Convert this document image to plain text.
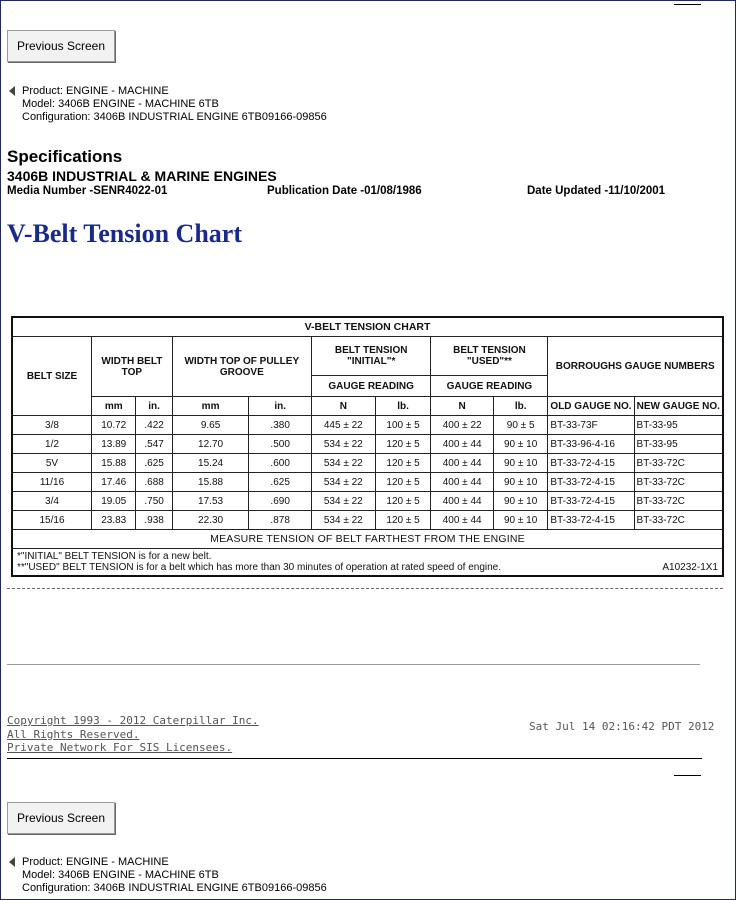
Previous Screen
Product: ENGINE - MACHINE
Model: 3406B ENGINE - MACHINE 6TB
Configuration: 3406B INDUSTRIAL ENGINE 6TB09166-09856
Specifications
3406B INDUSTRIAL & MARINE ENGINES
Media Number -SENR4022-01	Publication Date -01/08/1986	Date Updated -11/10/2001
V-Belt Tension Chart
V-BELT TENSION CHART										
BELT SIZE	WIDTH BELT TOP		WIDTH TOP OF PULLEY GROOVE		BELT TENSION "INITIAL"*		BELT TENSION "USED"**		BORROUGHS GAUGE NUMBERS	
					GAUGE READING		GAUGE READING			
	mm	in.	mm	in.	N	lb.	N	lb.	OLD GAUGE NO.	NEW GAUGE NO.
3/8	10.72	.422	9.65	.380	445 ± 22	100 ± 5	400 ± 22	90 ± 5	BT-33-73F	BT-33-95
1/2	13.89	.547	12.70	.500	534 ± 22	120 ± 5	400 ± 44	90 ± 10	BT-33-96-4-16	BT-33-95
5V	15.88	.625	15.24	.600	534 ± 22	120 ± 5	400 ± 44	90 ± 10	BT-33-72-4-15	BT-33-72C
11/16	17.46	.688	15.88	.625	534 ± 22	120 ± 5	400 ± 44	90 ± 10	BT-33-72-4-15	BT-33-72C
3/4	19.05	.750	17.53	.690	534 ± 22	120 ± 5	400 ± 44	90 ± 10	BT-33-72-4-15	BT-33-72C
15/16	23.83	.938	22.30	.878	534 ± 22	120 ± 5	400 ± 44	90 ± 10	BT-33-72-4-15	BT-33-72C
MEASURE TENSION OF BELT FARTHEST FROM THE ENGINE										

*"INITIAL" BELT TENSION is for a new belt.
**"USED" BELT TENSION is for a belt which has more than 30 minutes of operation at rated speed of engine. A10232-1X1										
Copyright 1993 - 2012 Caterpillar Inc.
All Rights Reserved.
Private Network For SIS Licensees.
Sat Jul 14 02:16:42 PDT 2012
Previous Screen
Product: ENGINE - MACHINE
Model: 3406B ENGINE - MACHINE 6TB
Configuration: 3406B INDUSTRIAL ENGINE 6TB09166-09856
